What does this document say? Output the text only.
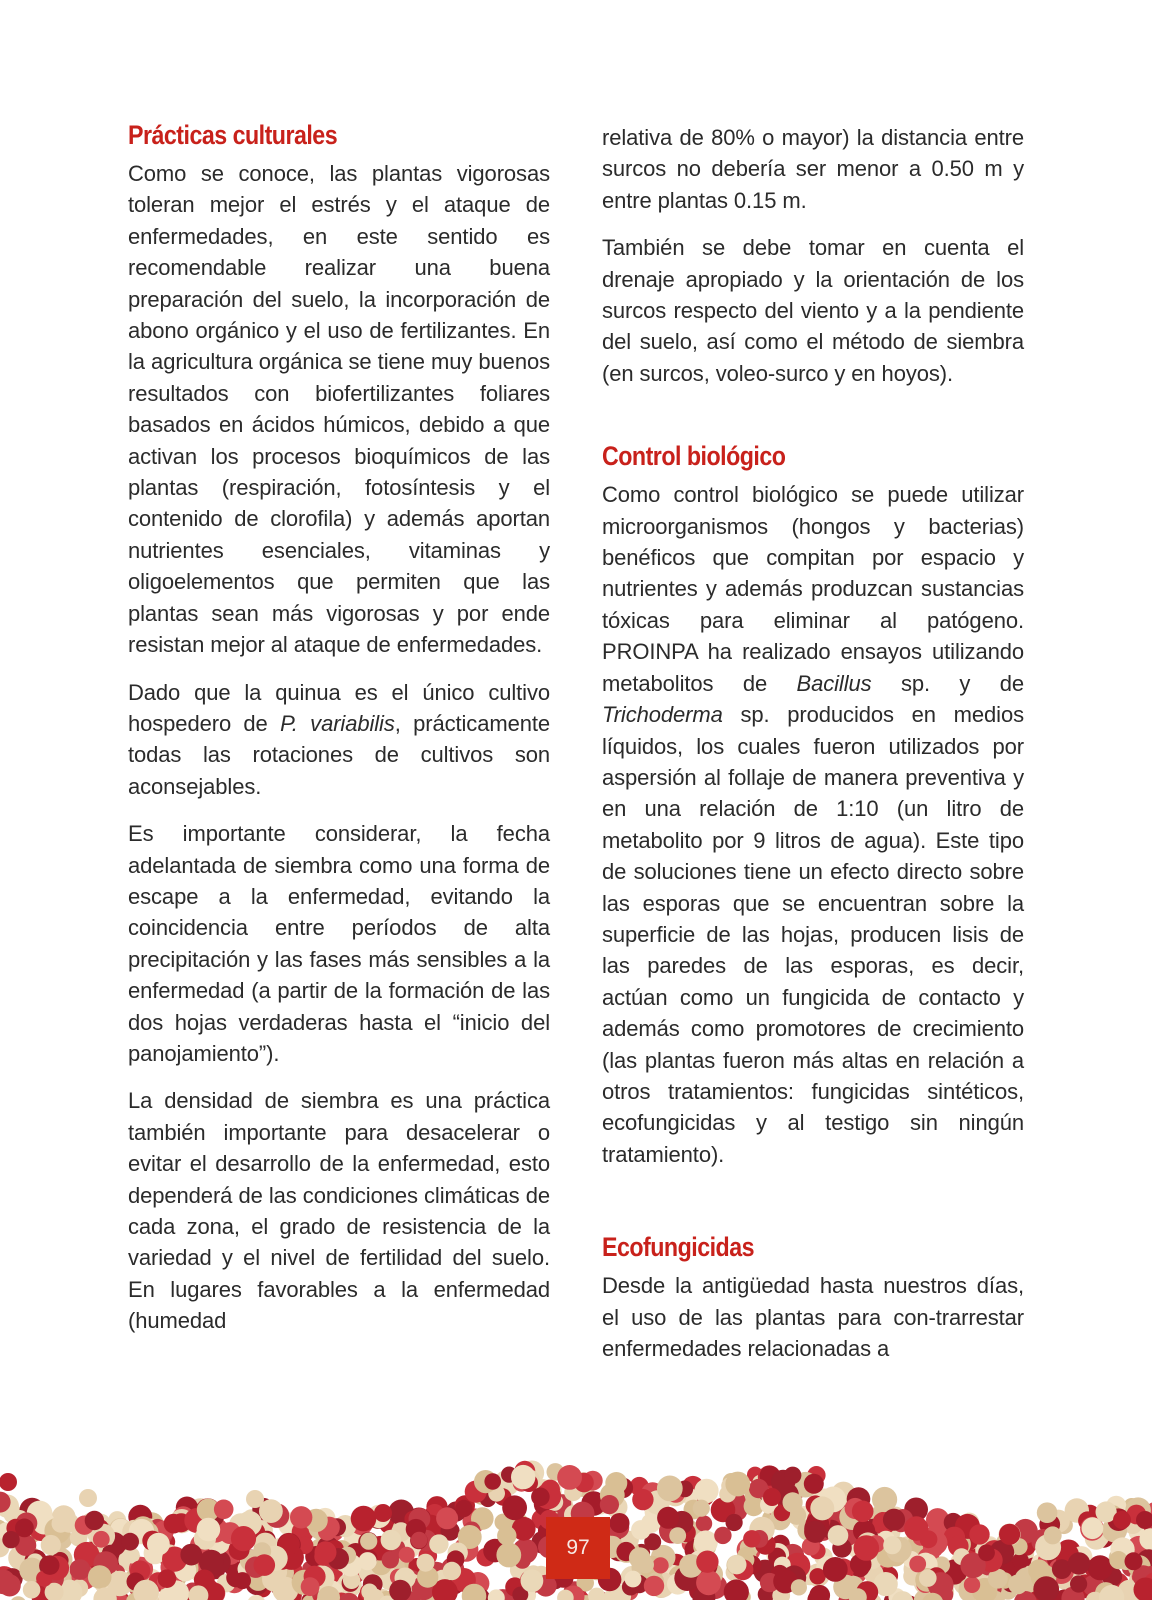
Prácticas culturales

Como se conoce, las plantas vigorosas toleran mejor el estrés y el ataque de enfermedades, en este sentido es recomendable realizar una buena preparación del suelo, la incorporación de abono orgánico y el uso de fertilizantes. En la agricultura orgánica se tiene muy buenos resultados con biofertilizantes foliares basados en ácidos húmicos, debido a que activan los procesos bioquímicos de las plantas (respiración, fotosíntesis y el contenido de clorofila) y además aportan nutrientes esenciales, vitaminas y oligoelementos que permiten que las plantas sean más vigorosas y por ende resistan mejor al ataque de enfermedades.

Dado que la quinua es el único cultivo hospedero de P. variabilis, prácticamente todas las rotaciones de cultivos son aconsejables.

Es importante considerar, la fecha adelantada de siembra como una forma de escape a la enfermedad, evitando la coincidencia entre períodos de alta precipitación y las fases más sensibles a la enfermedad (a partir de la formación de las dos hojas verdaderas hasta el “inicio del panojamiento”).

La densidad de siembra es una práctica también importante para desacelerar o evitar el desarrollo de la enfermedad, esto dependerá de las condiciones climáticas de cada zona, el grado de resistencia de la variedad y el nivel de fertilidad del suelo. En lugares favorables a la enfermedad (humedad

relativa de 80% o mayor) la distancia entre surcos no debería ser menor a 0.50 m y entre plantas 0.15 m.

También se debe tomar en cuenta el drenaje apropiado y la orientación de los surcos respecto del viento y a la pendiente del suelo, así como el método de siembra (en surcos, voleo-surco y en hoyos).

Control biológico

Como control biológico se puede utilizar microorganismos (hongos y bacterias) benéficos que compitan por espacio y nutrientes y además produzcan sustancias tóxicas para eliminar al patógeno. PROINPA ha realizado ensayos utilizando metabolitos de Bacillus sp. y de Trichoderma sp. producidos en medios líquidos, los cuales fueron utilizados por aspersión al follaje de manera preventiva y en una relación de 1:10 (un litro de metabolito por 9 litros de agua). Este tipo de soluciones tiene un efecto directo sobre las esporas que se encuentran sobre la superficie de las hojas, producen lisis de las paredes de las esporas, es decir, actúan como un fungicida de contacto y además como promotores de crecimiento (las plantas fueron más altas en relación a otros tratamientos: fungicidas sintéticos, ecofungicidas y al testigo sin ningún tratamiento).

Ecofungicidas

Desde la antigüedad hasta nuestros días, el uso de las plantas para con-trarrestar enfermedades relacionadas a

97
